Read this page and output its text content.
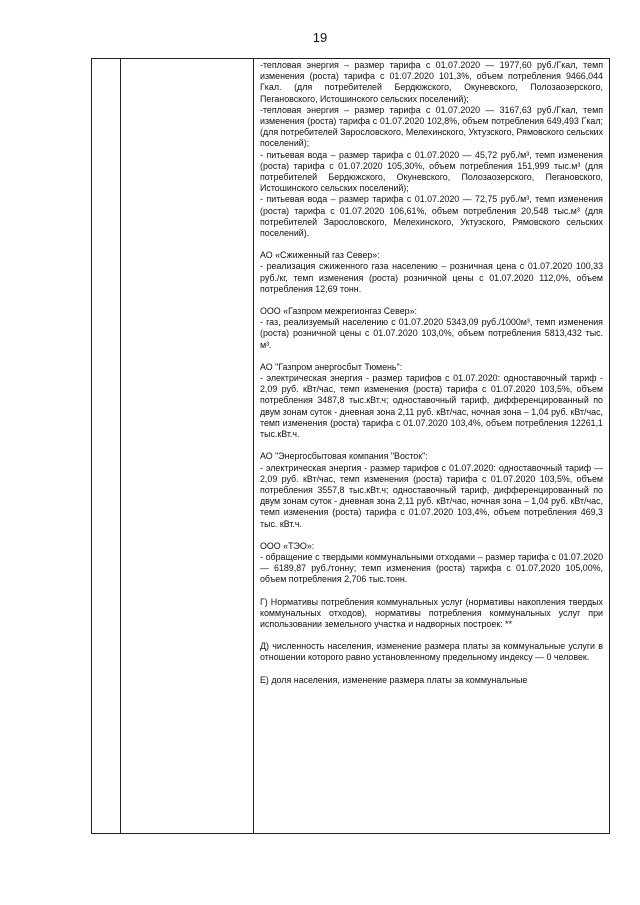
19

-тепловая энергия – размер тарифа с 01.07.2020 — 1977,60 руб./Гкал, темп изменения (роста) тарифа с 01.07.2020 101,3%, объем потребления 9466,044 Гкал. (для потребителей Бердюжского, Окуневского, Полозаозерского, Пегановского, Истошинского сельских поселений);

-тепловая энергия – размер тарифа с 01.07.2020 — 3167,63 руб./Гкал, темп изменения (роста) тарифа с 01.07.2020 102,8%, объем потребления 649,493 Гкал; (для потребителей Зарословского, Мелехинского, Уктузского, Рямовского сельских поселений);

- питьевая вода – размер тарифа с 01.07.2020 — 45,72 руб./м³, темп изменения (роста) тарифа с 01.07.2020 105,30%, объем потребления 151,999 тыс.м³ (для потребителей Бердюжского, Окуневского, Полозаозерского, Пегановского, Истошинского сельских поселений);

- питьевая вода – размер тарифа с 01.07.2020 — 72,75 руб./м³, темп изменения (роста) тарифа с 01.07.2020 106,61%, объем потребления 20,548 тыс.м³ (для потребителей Зарословского, Мелехинского, Уктузского, Рямовского сельских поселений).

АО «Сжиженный газ Север»:

- реализация сжиженного газа населению – розничная цена с 01.07.2020 100,33 руб./кг, темп изменения (роста) розничной цены с 01.07.2020 112,0%, объем потребления 12,69 тонн.

ООО «Газпром межрегионгаз Север»:

- газ, реализуемый населению с 01.07.2020 5343,09 руб./1000м³, темп изменения (роста) розничной цены с 01.07.2020 103,0%, объем потребления 5813,432 тыс. м³.

АО "Газпром энергосбыт Тюмень":

- электрическая энергия - размер тарифов с 01.07.2020: одноставочный тариф - 2,09 руб. кВт/час, темп изменения (роста) тарифа с 01.07.2020 103,5%, объем потребления 3487,8 тыс.кВт.ч; одноставочный тариф, дифференцированный по двум зонам суток - дневная зона 2,11 руб. кВт/час, ночная зона – 1,04 руб. кВт/час, темп изменения (роста) тарифа с 01.07.2020 103,4%, объем потребления 12261,1 тыс.кВт.ч.

АО "Энергосбытовая компания "Восток":

- электрическая энергия - размер тарифов с 01.07.2020: одноставочный тариф — 2,09 руб. кВт/час, темп изменения (роста) тарифа с 01.07.2020 103,5%, объем потребления 3557,8 тыс.кВт.ч; одноставочный тариф, дифференцированный по двум зонам суток - дневная зона 2,11 руб. кВт/час, ночная зона – 1,04 руб. кВт/час, темп изменения (роста) тарифа с 01.07.2020 103,4%, объем потребления 469,3 тыс. кВт.ч.

ООО «ТЭО»:

- обращение с твердыми коммунальными отходами – размер тарифа с 01.07.2020 — 6189,87 руб./тонну; темп изменения (роста) тарифа с 01.07.2020 105,00%, объем потребления 2,706 тыс.тонн.

Г) Нормативы потребления коммунальных услуг (нормативы накопления твердых коммунальных отходов), нормативы потребления коммунальных услуг при использовании земельного участка и надворных построек: **

Д) численность населения, изменение размера платы за коммунальные услуги в отношении которого равно установленному предельному индексу — 0 человек.

Е) доля населения, изменение размера платы за коммунальные
